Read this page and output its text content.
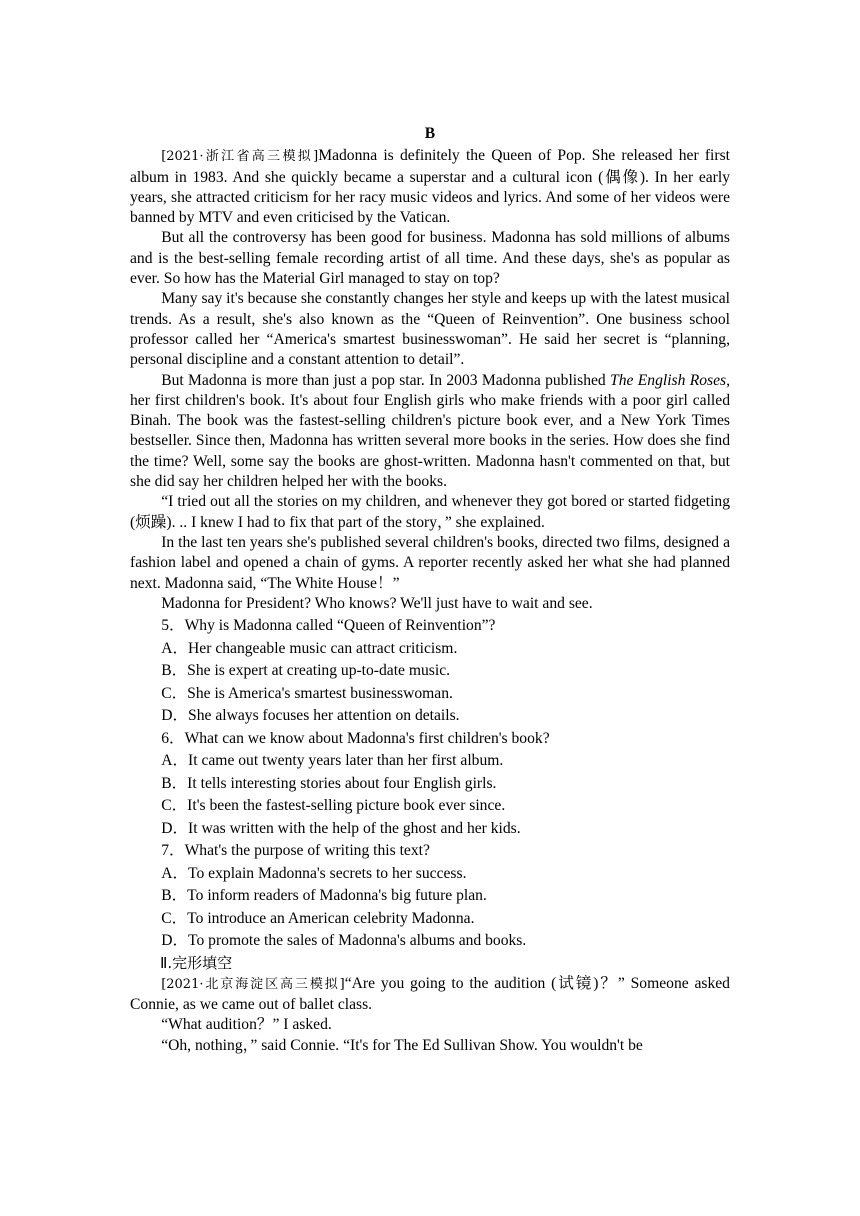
B

[2021·浙江省高三模拟]Madonna is definitely the Queen of Pop. She released her first album in 1983. And she quickly became a superstar and a cultural icon (偶像). In her early years, she attracted criticism for her racy music videos and lyrics. And some of her videos were banned by MTV and even criticised by the Vatican.

But all the controversy has been good for business. Madonna has sold millions of albums and is the best-selling female recording artist of all time. And these days, she's as popular as ever. So how has the Material Girl managed to stay on top?

Many say it's because she constantly changes her style and keeps up with the latest musical trends. As a result, she's also known as the “Queen of Reinvention”. One business school professor called her “America's smartest businesswoman”. He said her secret is “planning, personal discipline and a constant attention to detail”.

But Madonna is more than just a pop star. In 2003 Madonna published The English Roses, her first children's book. It's about four English girls who make friends with a poor girl called Binah. The book was the fastest-selling children's picture book ever, and a New York Times bestseller. Since then, Madonna has written several more books in the series. How does she find the time? Well, some say the books are ghost-written. Madonna hasn't commented on that, but she did say her children helped her with the books.

“I tried out all the stories on my children, and whenever they got bored or started fidgeting (烦躁). .. I knew I had to fix that part of the story，” she explained.

In the last ten years she's published several children's books, directed two films, designed a fashion label and opened a chain of gyms. A reporter recently asked her what she had planned next. Madonna said, “The White House！”

Madonna for President? Who knows? We'll just have to wait and see.

5．Why is Madonna called “Queen of Reinvention”?

A．Her changeable music can attract criticism.

B．She is expert at creating up-to-date music.

C．She is America's smartest businesswoman.

D．She always focuses her attention on details.

6．What can we know about Madonna's first children's book?

A．It came out twenty years later than her first album.

B．It tells interesting stories about four English girls.

C．It's been the fastest-selling picture book ever since.

D．It was written with the help of the ghost and her kids.

7．What's the purpose of writing this text?

A．To explain Madonna's secrets to her success.

B．To inform readers of Madonna's big future plan.

C．To introduce an American celebrity Madonna.

D．To promote the sales of Madonna's albums and books.

Ⅱ.完形填空

[2021·北京海淀区高三模拟]“Are you going to the audition (试镜)？” Someone asked Connie, as we came out of ballet class.

“What audition？” I asked.

“Oh, nothing，” said Connie. “It's for The Ed Sullivan Show. You wouldn't be
